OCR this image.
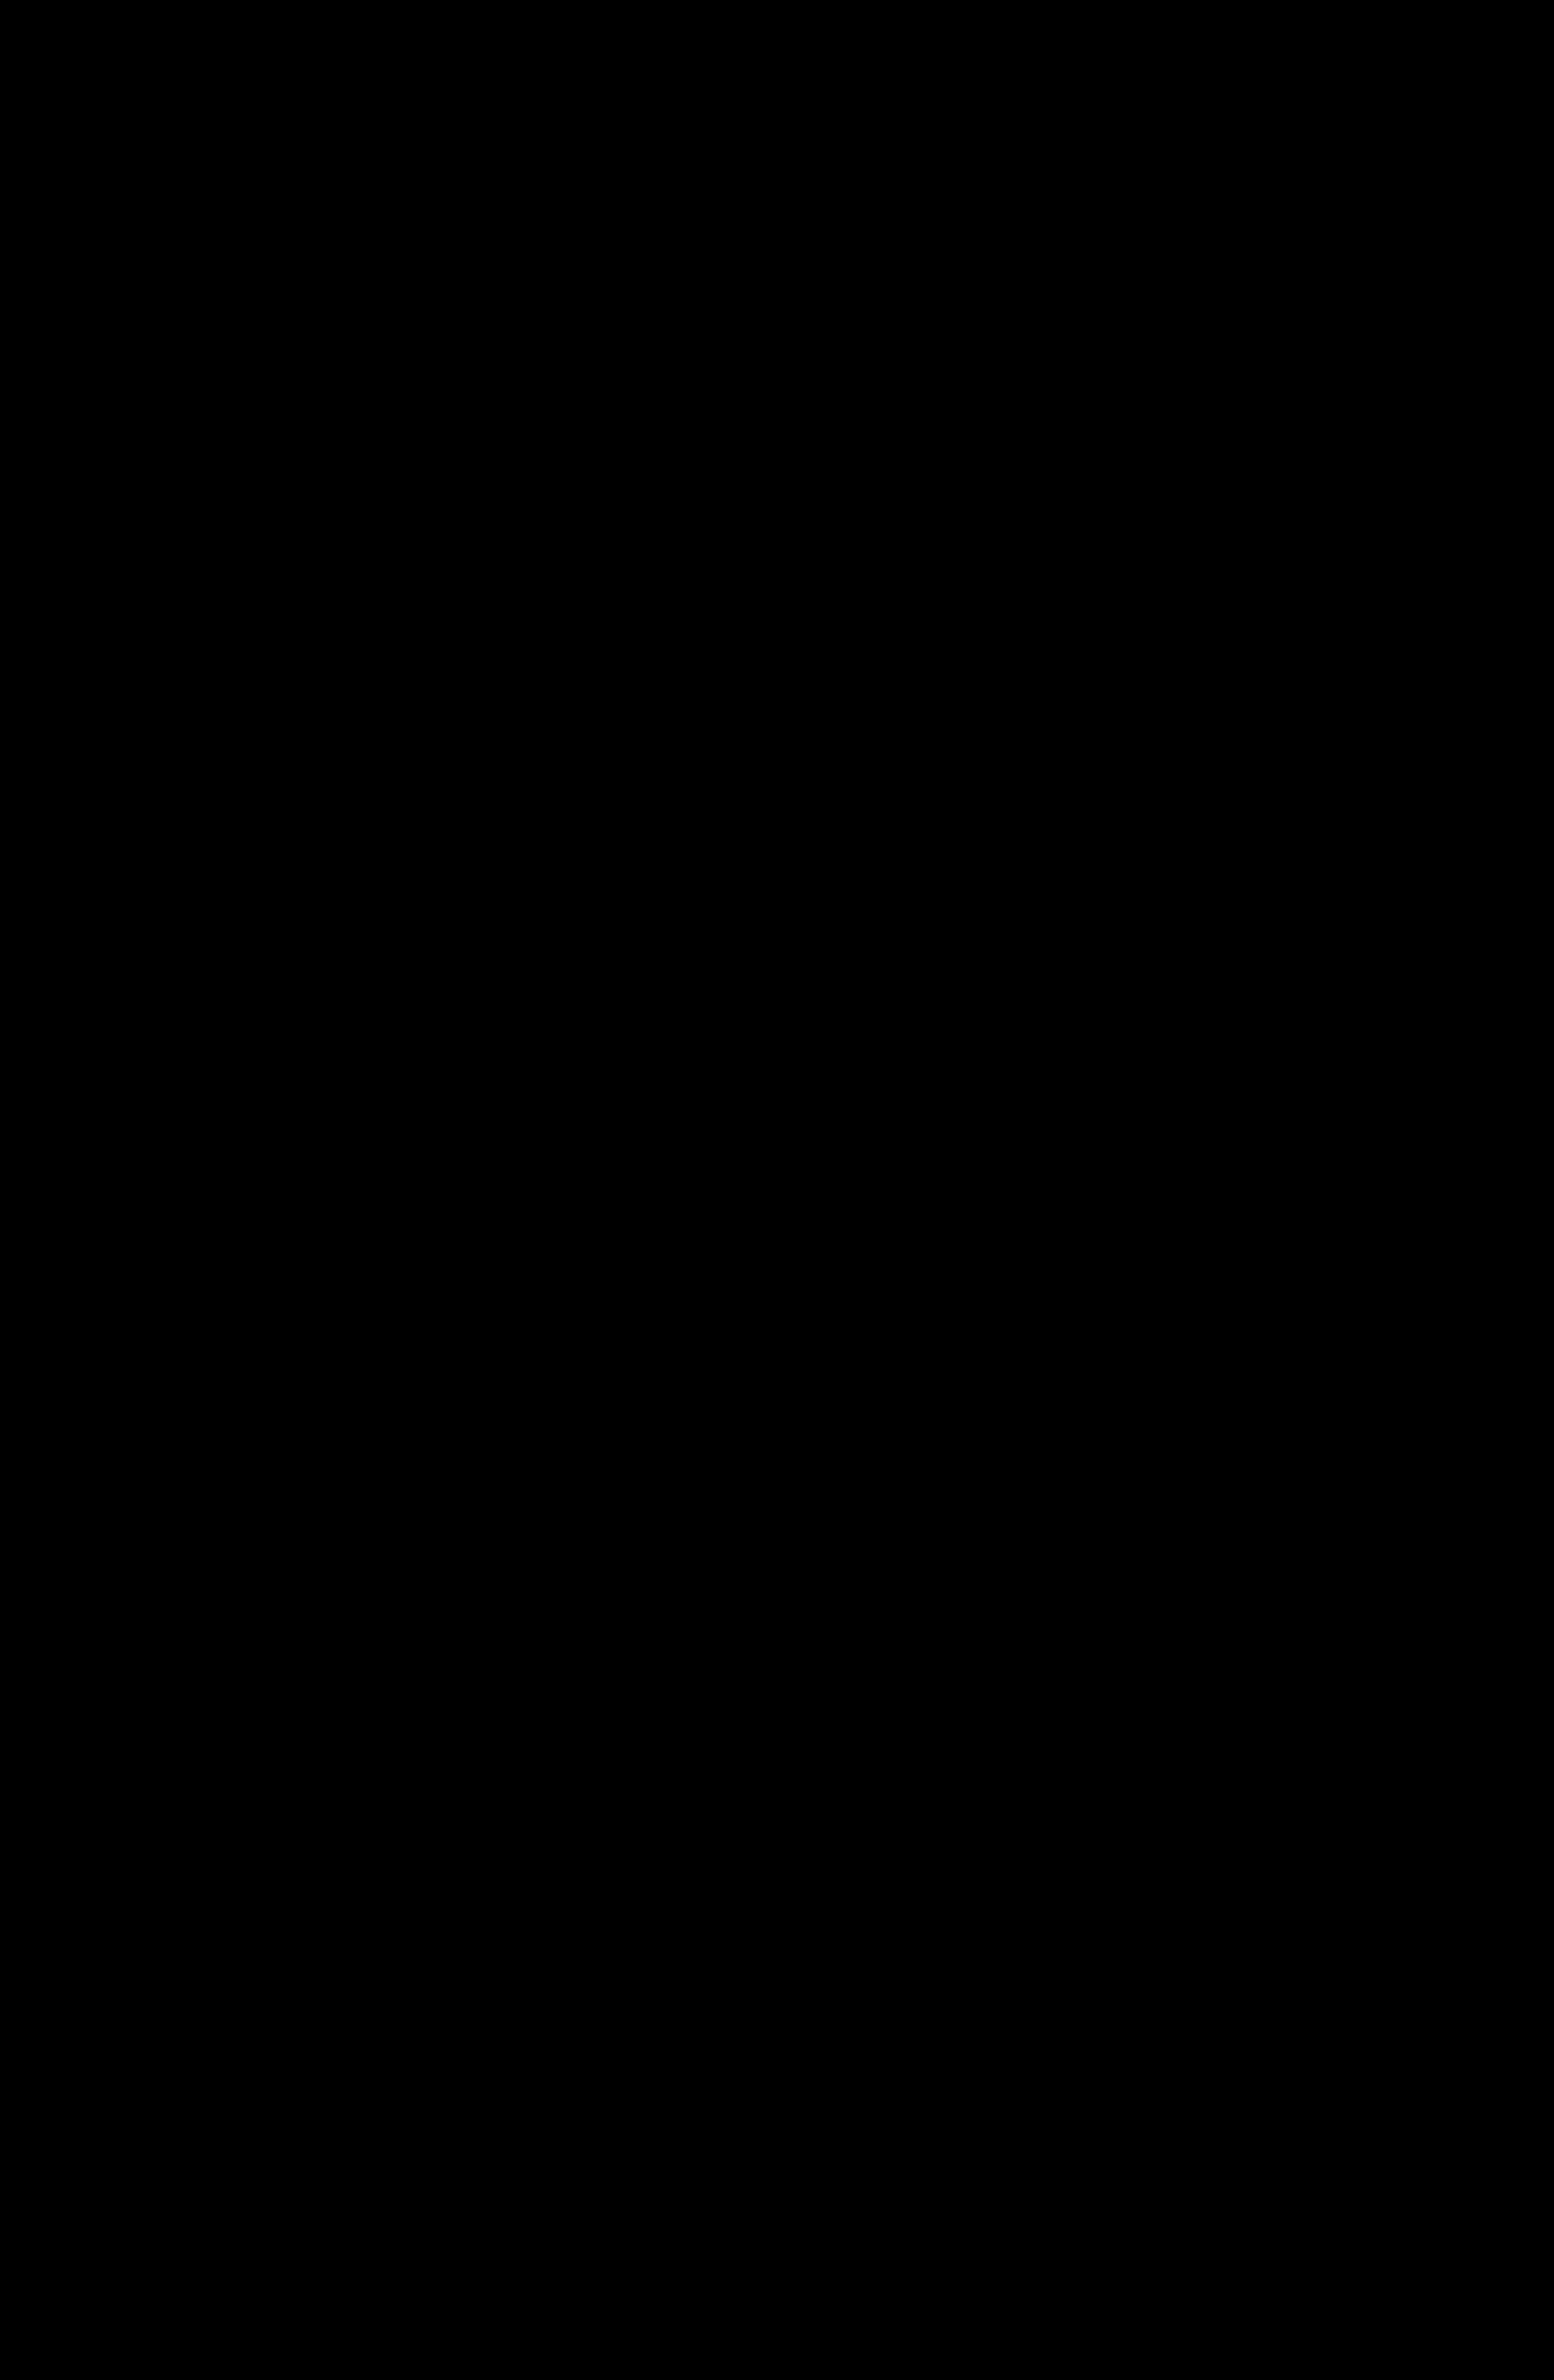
LA CONFESSION DE FOI DE MAXIME LE CONFESSEUR	341
III. – «DIEU PARFAIT ET HOMME PARFAIT»

Maxime a jusqu’à présent souligné fortement la divinité du Verbe incarné, et il s’est attaché à récuser toute forme de préexistence de l’humanité (et a fortiori d’une hypostase humaine) avant l’union hypostatique. Il poursuit sa confession en défendant la permanence de l’une et l’autre nature :

(ἔφασαν) καὶ τέλειον ὄντα Θεὸν γενέσθαι τέλειον ἄνθρωπον· μήτε τὸ Θεὸς εἶναι ἀποθέμενον διὰ τὸ γενέσθαι ἄνθρωπον, ὅπερ οὐκ ἦν· μήτε κωλυθέντα γενέσθαι ὅπερ οὐκ ἦν, ἄνθρωπον, διὰ τὸ μεμενηκέναι ὅπερ ἦν καὶ ἔστι, Θεός· ἀλλὰ τοῦτο ὄντα, κἀκεῖνο γενέσθαι, ἑκάτερόν τε ἀποληθεύοντα, τὸ θεῖον ὁμοῦ καὶ ἀνθρώπινον πιστοῦσθαι θαύμασι θείοις καὶ παθήμασιν ἀνθρωπίνοις· καὶ κατὰ μὲν τὴν ἑαυτοῦ πρὸς τὸν Πατέραν φύσιν τε καὶ οὐσίαν, ἄκτιστον, ἀόρατον, ἀπερίγραφον, ἀναλλοίωτον, ἄτρεπτον, ἀπαθῆ, ἄφθαρτον, ἀθάνατον, δημιουργὸν τῶν ἁπάντων· κατὰ δὲ τὴν τῆς σαρκὸς αὐτοῦ φύσιν καὶ ὑμετέραν, τὸν αὐτὸν κτιστόν, παθητόν, περιγραπτόν, χωρητόν, θνητόν.

« (…) étant Dieu parfait, il est devenu homme parfait : le fait d’être Dieu n’étant pas mis de côté par celui de devenir homme, ce qu’il n’était pas ; ni le fait de devenir ce qu’il n’était pas, un homme, n’étant empêché par le fait de demeurer ce qu’il était et est, Dieu. Mais plutôt, étant ceci il est devenu cela, confirmant chacun des deux, accréditant le divin et l’humain par des miracles divins et des souffrances humaines. Selon sa nature et son essence propres auprès du Père, il est incréé, invisible, incirconscriptible, inaltérable, immuable, impassible, incorruptible, immortel, créateur de toutes choses ; selon la nature de sa chair qui est aussi la nôtre, le même est créé, passible, circonscriptible, limité, mortel (I2, 468B-C ; p. 124-125). »

L’asymétrie des deux natures est clairement affirmée par Maxime, par l’opposition répétée entre ὅπερ ἦν καὶ ἔστι et ὅπερ οὐκ ἦν : c’est une manière de souligner de nouveau l’unité du sujet divin qui devient humain, sans s’unir à un homme préexistant ; c’est également une façon d’évoquer l’assomption par le Christ de l’écart même entre Dieu et l’homme, entre celui qui est de toute éternité et celui qui n’est pas, s’il n’est pas sans cesse créé et conservé par la grâce divine. Ceci posé, peut être défendue la perfection de chacune des natures, qui se manifeste dans la dialectique du demeurer (μεμενηκέναι) et du devenir (γενέσθαι), et plus encore dans la série de termes décrivant, d’un côté la nature divine, de l’autre la nature humaine, définie comme son exact opposé, voire comme la négation de la première$^{45}$. Cependant, la divinité n’empêche pas (κωλύω) le devenir homme (τὸ ἄνθρωπον γενέσθαι) du Verbe… Cette divinité est décrite comme une manière d’être « auprès du Père », qui accompagne le Fils tout au long de son Incarnation : la dernière phrase de la confession dira que « la gloire divine de son

45. Les éléments s’opposent terme à terme : κτιστόν/ἄκτιστον, παθητόν/ἀπαθῆ, περιγραπτόν/ἀπερίγραφον, θνητόν/ἀθάνατον, et χωρητόν (« limité », dans le sens de « qui peut être contenu ») qui s’opposerait plus précisément à ἀόρατος, dans l’énumération initiale. Nous pouvons y ajouter les deux couples vus plus haut : ἁπλοῦς/σύνθετος (ce dernier caractérise à la fois l’hypostase composée du Christ après l’union, et l’homme en tant que composé d’une âme et d’un corps) et ἀσώματος/ἐνσώματος.
